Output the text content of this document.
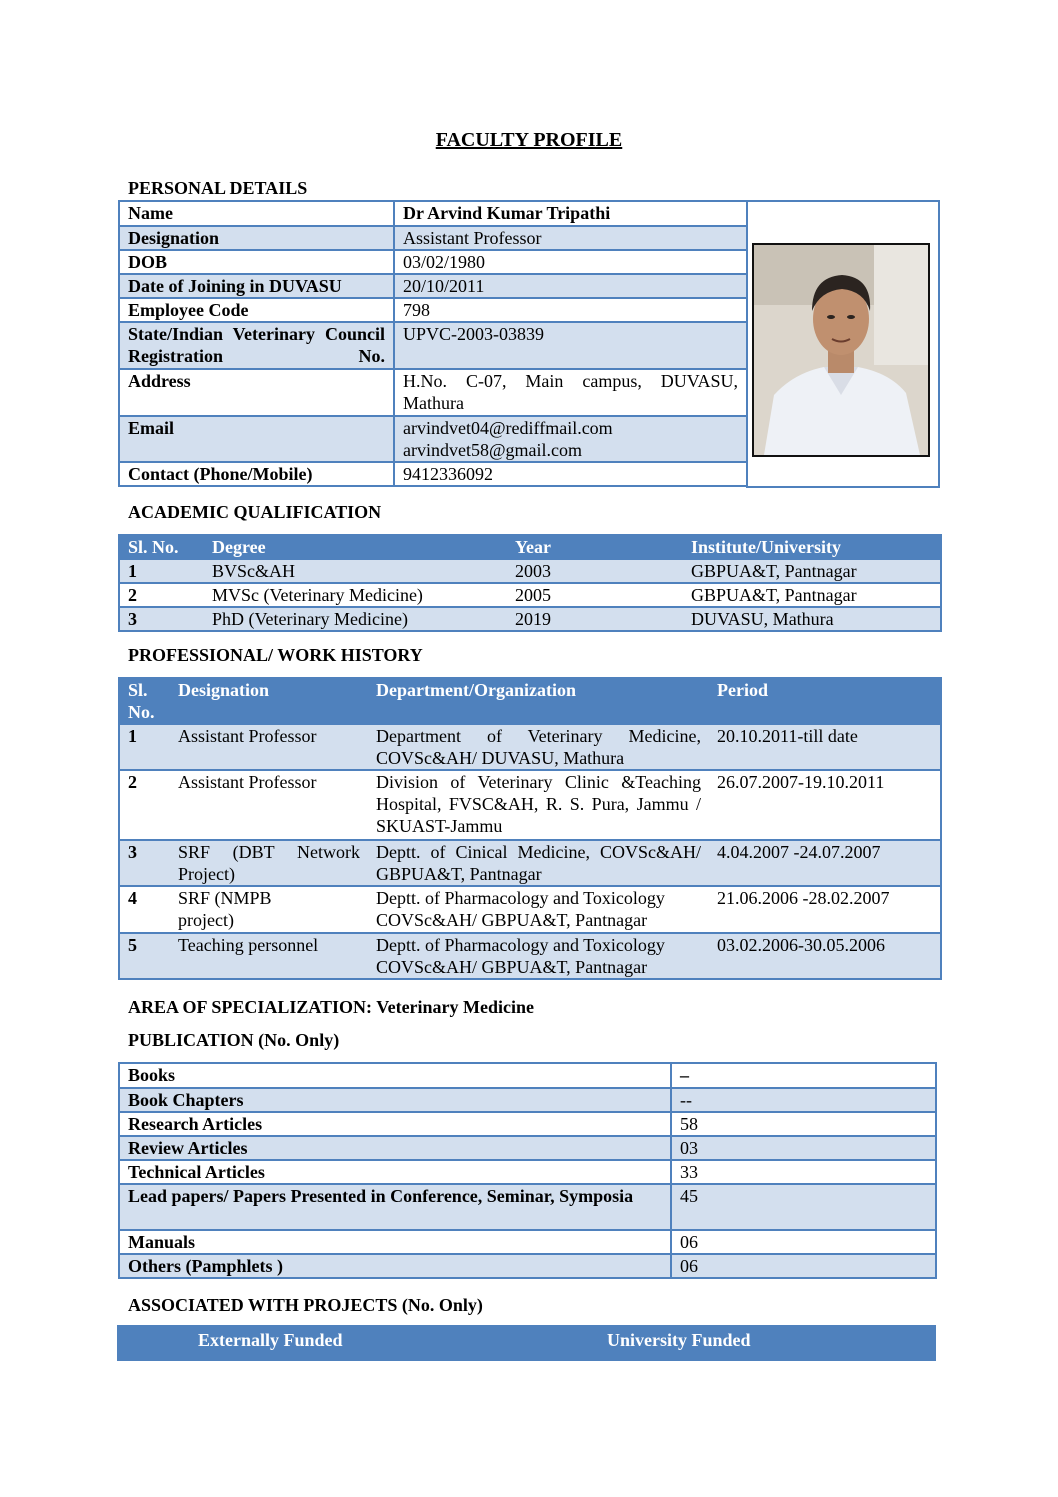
FACULTY PROFILE
PERSONAL DETAILS
Name	Dr Arvind Kumar Tripathi
Designation	Assistant Professor
DOB	03/02/1980
Date of Joining in DUVASU	20/10/2011
Employee Code	798

State/Indian Veterinary Council Registration No.	UPVC-2003-03839
Address	H.No. C-07, Main campus, DUVASU, Mathura

Email	arvindvet04@rediffmail.com
arvindvet58@gmail.com

Contact (Phone/Mobile)	9412336092
ACADEMIC QUALIFICATION
Sl. No.	Degree	Year	Institute/University
1	BVSc&AH	2003	GBPUA&T, Pantnagar
2	MVSc (Veterinary Medicine)	2005	GBPUA&T, Pantnagar
3	PhD (Veterinary Medicine)	2019	DUVASU, Mathura
PROFESSIONAL/ WORK HISTORY
Sl. No.	Designation	Department/Organization	Period
1	Assistant Professor	Department of Veterinary Medicine, COVSc&AH/ DUVASU, Mathura	20.10.2011-till date
2	Assistant Professor	Division of Veterinary Clinic &Teaching Hospital, FVSC&AH, R. S. Pura, Jammu / SKUAST-Jammu	26.07.2007-19.10.2011
3	SRF (DBT Network Project)	Deptt. of Cinical Medicine, COVSc&AH/ GBPUA&T, Pantnagar	4.04.2007 -24.07.2007
4	SRF (NMPB project)	Deptt. of Pharmacology and Toxicology COVSc&AH/ GBPUA&T, Pantnagar	21.06.2006 -28.02.2007
5	Teaching personnel	Deptt. of Pharmacology and Toxicology COVSc&AH/ GBPUA&T, Pantnagar	03.02.2006-30.05.2006
AREA OF SPECIALIZATION: Veterinary Medicine
PUBLICATION (No. Only)
Books	–
Book Chapters	--
Research Articles	58
Review Articles	03
Technical Articles	33

Lead papers/ Papers Presented in Conference, Seminar, Symposia	45
Manuals	06
Others (Pamphlets )	06
ASSOCIATED WITH PROJECTS (No. Only)
Externally Funded	University Funded
